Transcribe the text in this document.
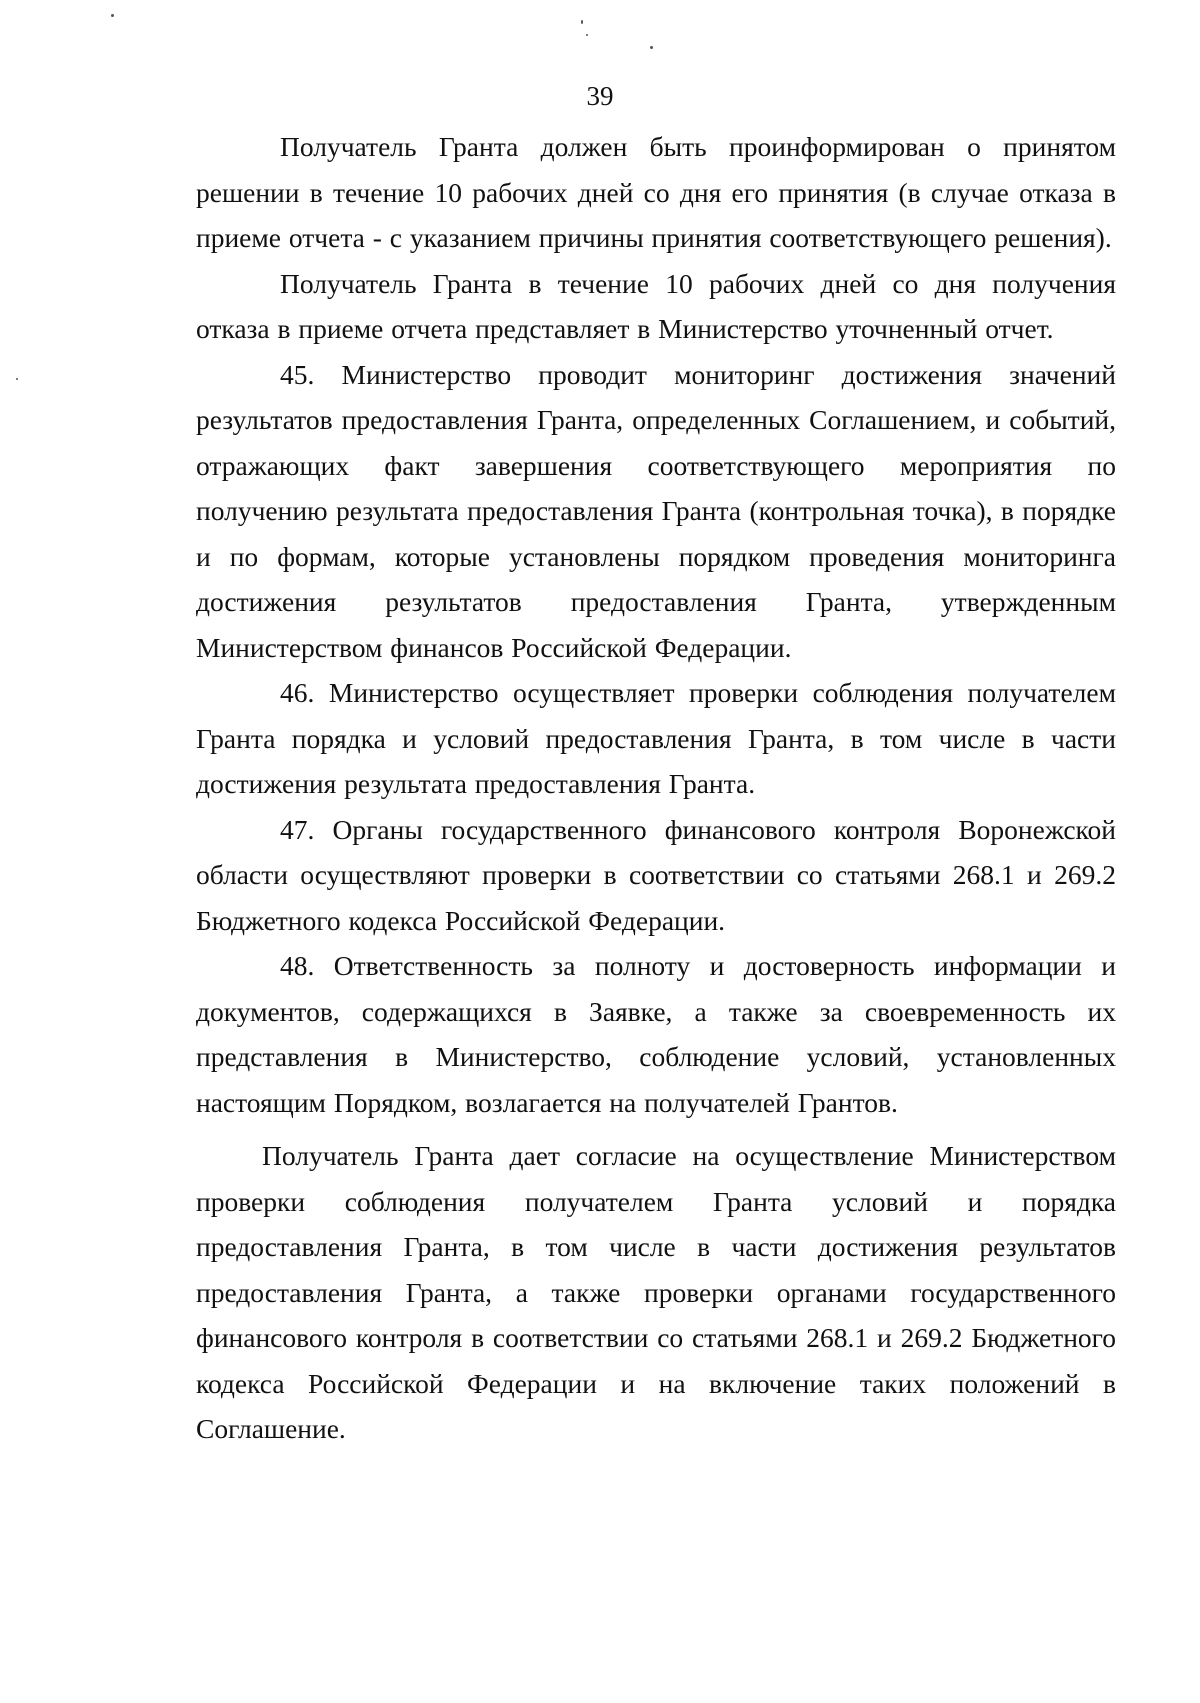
39

Получатель Гранта должен быть проинформирован о принятом решении в течение 10 рабочих дней со дня его принятия (в случае отказа в приеме отчета - с указанием причины принятия соответствующего решения).

Получатель Гранта в течение 10 рабочих дней со дня получения отказа в приеме отчета представляет в Министерство уточненный отчет.

45. Министерство проводит мониторинг достижения значений результатов предоставления Гранта, определенных Соглашением, и событий, отражающих факт завершения соответствующего мероприятия по получению результата предоставления Гранта (контрольная точка), в порядке и по формам, которые установлены порядком проведения мониторинга достижения результатов предоставления Гранта, утвержденным Министерством финансов Российской Федерации.

46. Министерство осуществляет проверки соблюдения получателем Гранта порядка и условий предоставления Гранта, в том числе в части достижения результата предоставления Гранта.

47. Органы государственного финансового контроля Воронежской области осуществляют проверки в соответствии со статьями 268.1 и 269.2 Бюджетного кодекса Российской Федерации.

48. Ответственность за полноту и достоверность информации и документов, содержащихся в Заявке, а также за своевременность их представления в Министерство, соблюдение условий, установленных настоящим Порядком, возлагается на получателей Грантов.

Получатель Гранта дает согласие на осуществление Министерством проверки соблюдения получателем Гранта условий и порядка предоставления Гранта, в том числе в части достижения результатов предоставления Гранта, а также проверки органами государственного финансового контроля в соответствии со статьями 268.1 и 269.2 Бюджетного кодекса Российской Федерации и на включение таких положений в Соглашение.
